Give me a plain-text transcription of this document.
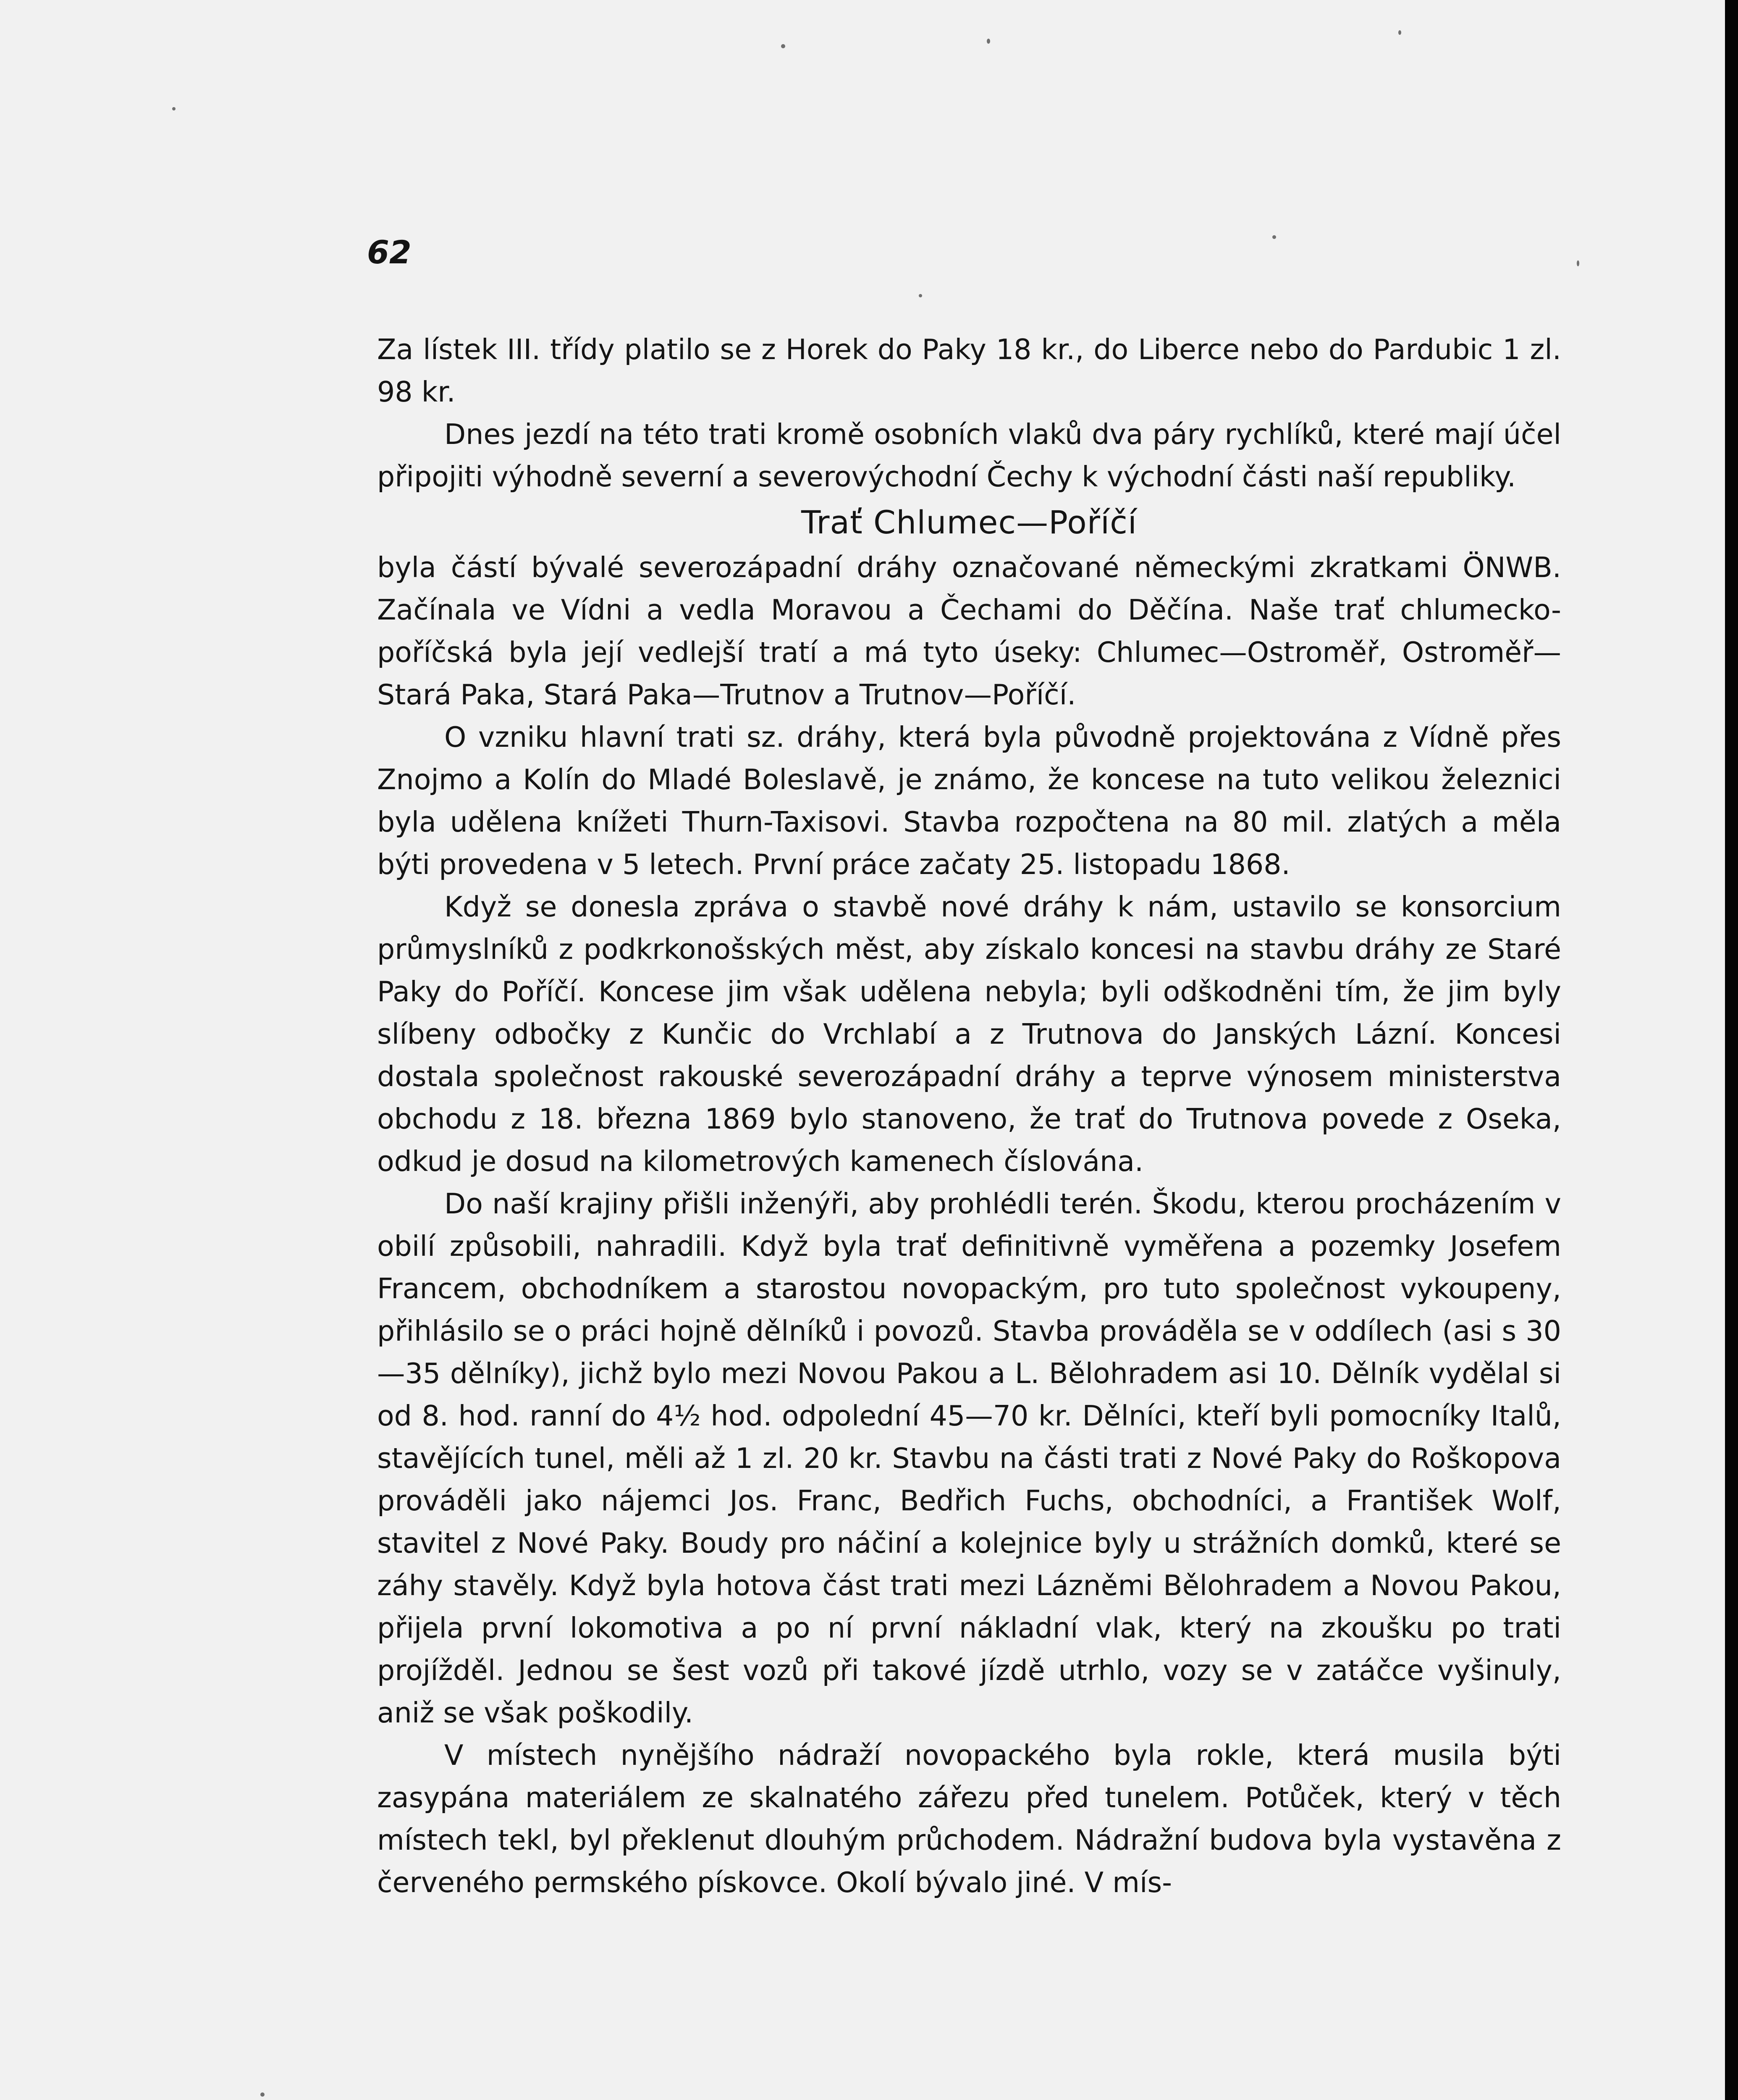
62

Za lístek III. třídy platilo se z Horek do Paky 18 kr., do Liberce nebo do Pardubic 1 zl. 98 kr.

Dnes jezdí na této trati kromě osobních vlaků dva páry rychlíků, které mají účel připojiti výhodně severní a severovýchodní Čechy k východní části naší republiky.

Trať Chlumec—Poříčí

byla částí bývalé severozápadní dráhy označované německými zkratkami ÖNWB. Začínala ve Vídni a vedla Moravou a Čechami do Děčína. Naše trať chlumecko-poříčská byla její vedlejší tratí a má tyto úseky: Chlumec—Ostroměř, Ostroměř—Stará Paka, Stará Paka—Trutnov a Trutnov—Poříčí.

O vzniku hlavní trati sz. dráhy, která byla původně projektována z Vídně přes Znojmo a Kolín do Mladé Boleslavě, je známo, že koncese na tuto velikou železnici byla udělena knížeti Thurn-Taxisovi. Stavba rozpočtena na 80 mil. zlatých a měla býti provedena v 5 letech. První práce začaty 25. listopadu 1868.

Když se donesla zpráva o stavbě nové dráhy k nám, ustavilo se konsorcium průmyslníků z podkrkonošských měst, aby získalo koncesi na stavbu dráhy ze Staré Paky do Poříčí. Koncese jim však udělena nebyla; byli odškodněni tím, že jim byly slíbeny odbočky z Kunčic do Vrchlabí a z Trutnova do Janských Lázní. Koncesi dostala společnost rakouské severozápadní dráhy a teprve výnosem ministerstva obchodu z 18. března 1869 bylo stanoveno, že trať do Trutnova povede z Oseka, odkud je dosud na kilometrových kamenech číslována.

Do naší krajiny přišli inženýři, aby prohlédli terén. Škodu, kterou procházením v obilí způsobili, nahradili. Když byla trať definitivně vyměřena a pozemky Josefem Francem, obchodníkem a starostou novopackým, pro tuto společnost vykoupeny, přihlásilo se o práci hojně dělníků i povozů. Stavba prováděla se v oddílech (asi s 30—35 dělníky), jichž bylo mezi Novou Pakou a L. Bělohradem asi 10. Dělník vydělal si od 8. hod. ranní do 4½ hod. odpolední 45—70 kr. Dělníci, kteří byli pomocníky Italů, stavějících tunel, měli až 1 zl. 20 kr. Stavbu na části trati z Nové Paky do Roškopova prováděli jako nájemci Jos. Franc, Bedřich Fuchs, obchodníci, a František Wolf, stavitel z Nové Paky. Boudy pro náčiní a kolejnice byly u strážních domků, které se záhy stavěly. Když byla hotova část trati mezi Lázněmi Bělohradem a Novou Pakou, přijela první lokomotiva a po ní první nákladní vlak, který na zkoušku po trati projížděl. Jednou se šest vozů při takové jízdě utrhlo, vozy se v zatáčce vyšinuly, aniž se však poškodily.

V místech nynějšího nádraží novopackého byla rokle, která musila býti zasypána materiálem ze skalnatého zářezu před tunelem. Potůček, který v těch místech tekl, byl překlenut dlouhým průchodem. Nádražní budova byla vystavěna z červeného permského pískovce. Okolí bývalo jiné. V mís-
